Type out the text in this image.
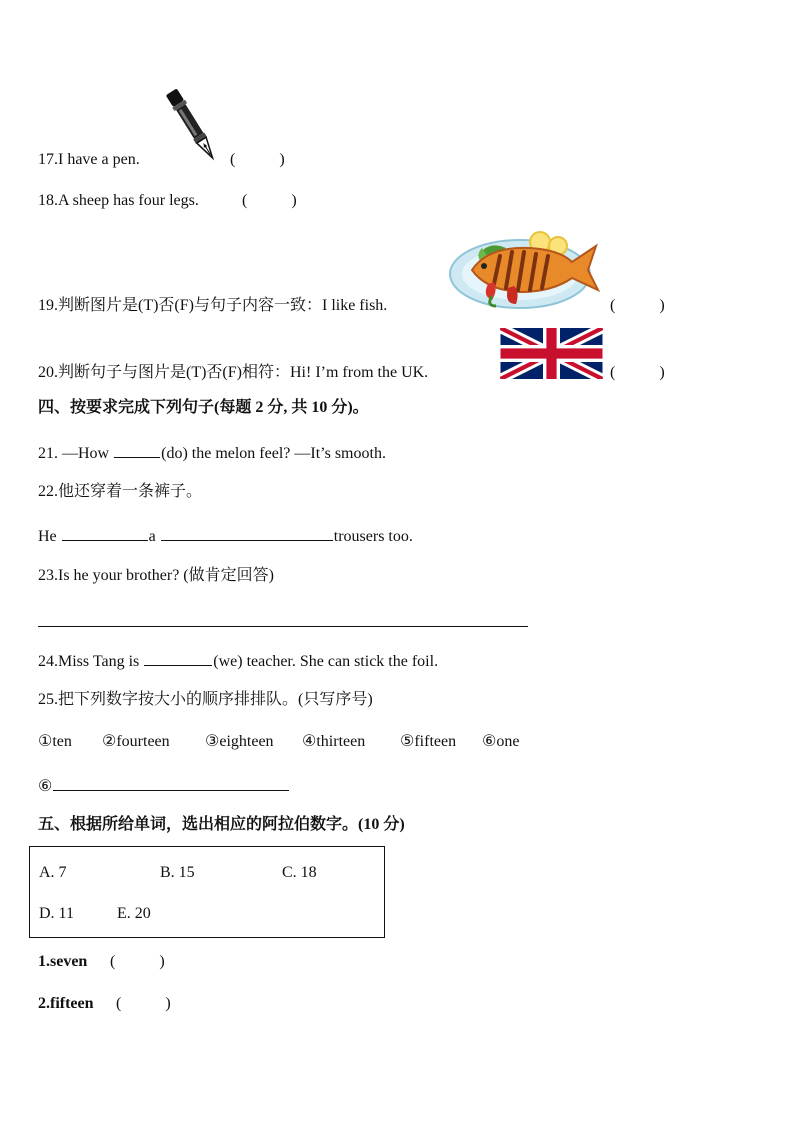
17.I have a pen.	(           )
18.A sheep has four legs.	(           )
19.判断图片是(T)否(F)与句子内容一致：I like fish.	(           )
20.判断句子与图片是(T)否(F)相符：Hi! I’m from the UK.	(           )
四、按要求完成下列句子(每题 2 分, 共 10 分)。
21. —How	(do) the melon feel? —It’s smooth.
22.他还穿着一条裤子。
He	a	trousers too.
23.Is he your brother? (做肯定回答)
24.Miss Tang is	(we) teacher. She can stick the foil.
25.把下列数字按大小的顺序排排队。(只写序号)
①ten ②fourteen ③eighteen ④thirteen ⑤fifteen ⑥one
⑥
五、根据所给单词，选出相应的阿拉伯数字。(10 分)
A. 7	B. 15	C. 18
D. 11	E. 20
1.seven (           )
2.fifteen (           )
